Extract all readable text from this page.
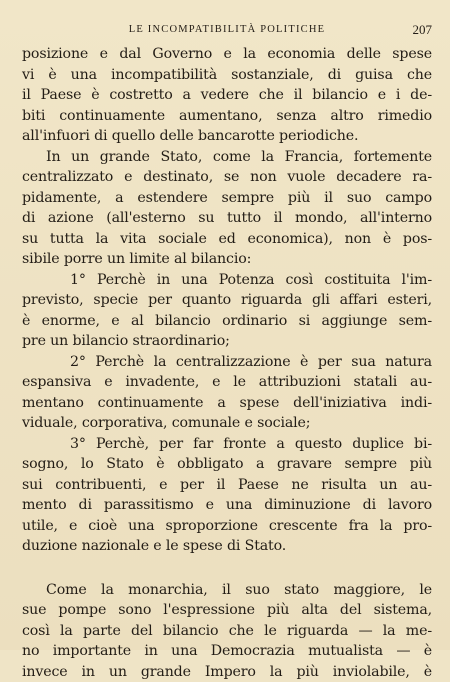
LE INCOMPATIBILITÀ POLITICHE	207
posizione e dal Governo e la economia delle spese
vi è una incompatibilità sostanziale, di guisa che
il Paese è costretto a vedere che il bilancio e i de-
biti continuamente aumentano, senza altro rimedio
all'infuori di quello delle bancarotte periodiche.
In un grande Stato, come la Francia, fortemente
centralizzato e destinato, se non vuole decadere ra-
pidamente, a estendere sempre più il suo campo
di azione (all'esterno su tutto il mondo, all'interno
su tutta la vita sociale ed economica), non è pos-
sibile porre un limite al bilancio:
1° Perchè in una Potenza così costituita l'im-
previsto, specie per quanto riguarda gli affari esteri,
è enorme, e al bilancio ordinario si aggiunge sem-
pre un bilancio straordinario;
2° Perchè la centralizzazione è per sua natura
espansiva e invadente, e le attribuzioni statali au-
mentano continuamente a spese dell'iniziativa indi-
viduale, corporativa, comunale e sociale;
3° Perchè, per far fronte a questo duplice bi-
sogno, lo Stato è obbligato a gravare sempre più
sui contribuenti, e per il Paese ne risulta un au-
mento di parassitismo e una diminuzione di lavoro
utile, e cioè una sproporzione crescente fra la pro-
duzione nazionale e le spese di Stato.
Come la monarchia, il suo stato maggiore, le
sue pompe sono l'espressione più alta del sistema,
così la parte del bilancio che le riguarda — la me-
no importante in una Democrazia mutualista — è
invece in un grande Impero la più inviolabile, è
